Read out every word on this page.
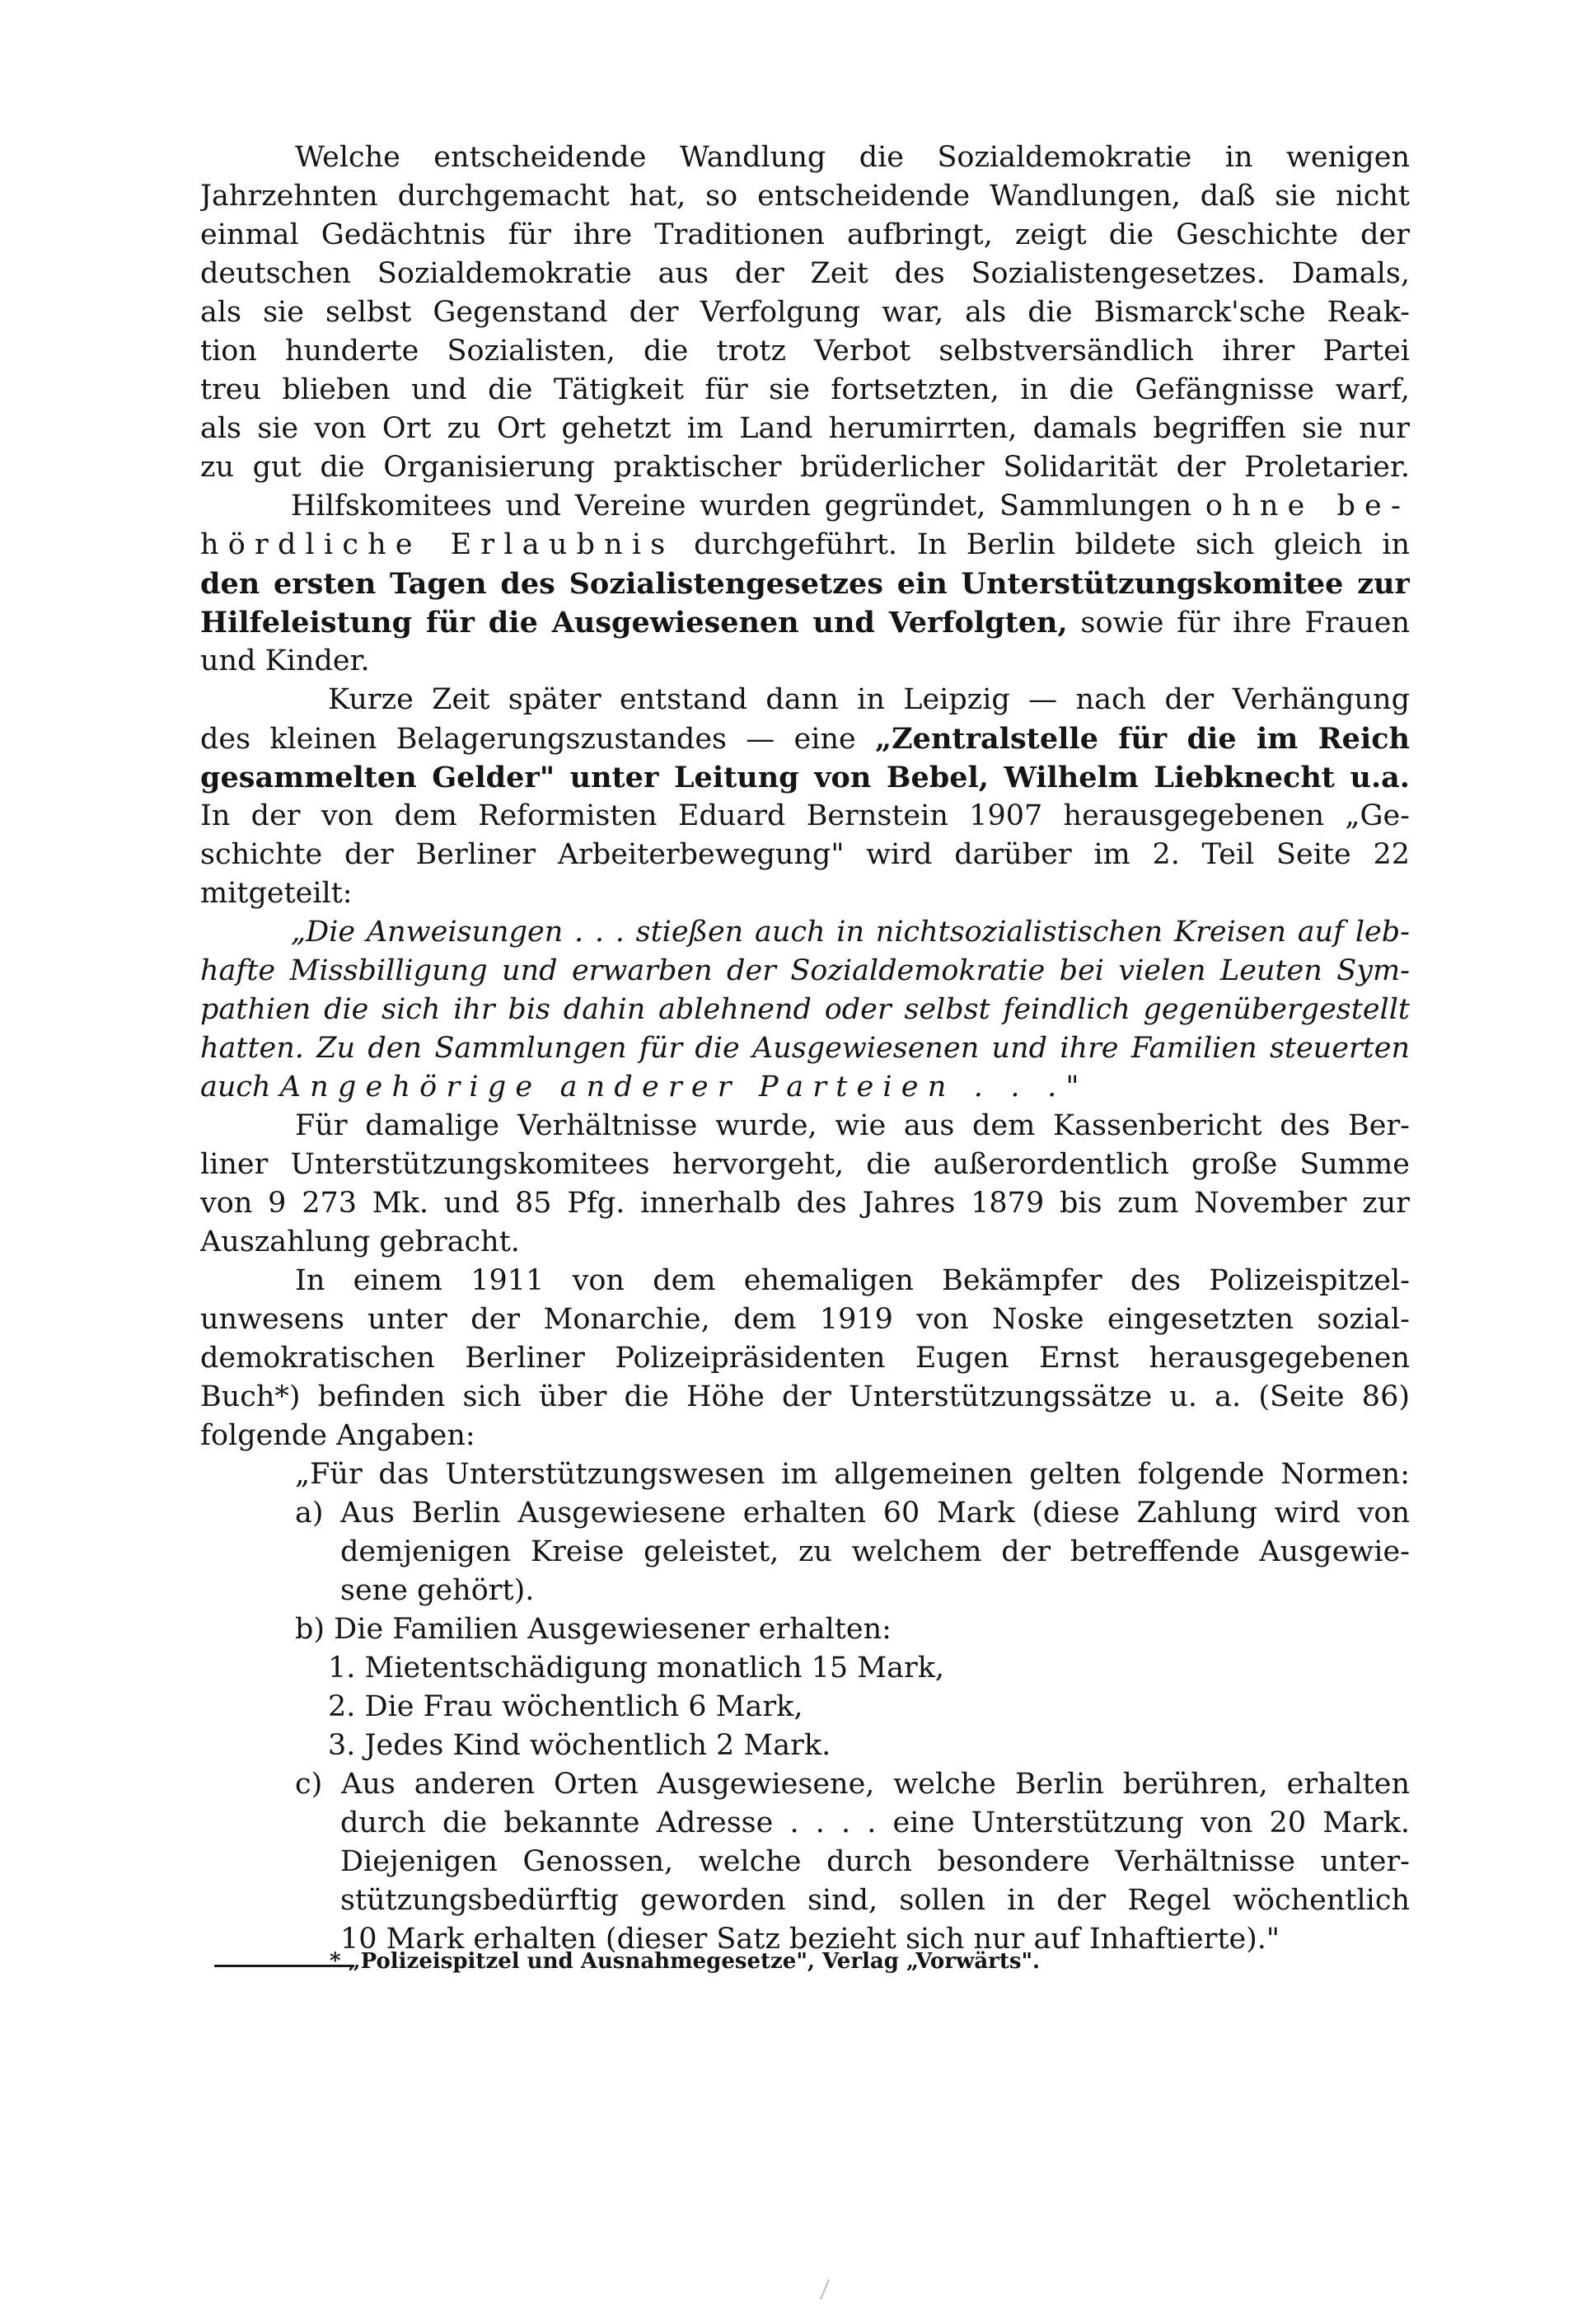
Welche entscheidende Wandlung die Sozialdemokratie in wenigen
Jahrzehnten durchgemacht hat, so entscheidende Wandlungen, daß sie nicht
einmal Gedächtnis für ihre Traditionen aufbringt, zeigt die Geschichte der
deutschen Sozialdemokratie aus der Zeit des Sozialistengesetzes. Damals,
als sie selbst Gegenstand der Verfolgung war, als die Bismarck'sche Reak-
tion hunderte Sozialisten, die trotz Verbot selbstversändlich ihrer Partei
treu blieben und die Tätigkeit für sie fortsetzten, in die Gefängnisse warf,
als sie von Ort zu Ort gehetzt im Land herumirrten, damals begriffen sie nur
zu gut die Organisierung praktischer brüderlicher Solidarität der Proletarier.
Hilfskomitees und Vereine wurden gegründet, Sammlungen ohne be-
hördliche Erlaubnis durchgeführt. In Berlin bildete sich gleich in
den ersten Tagen des Sozialistengesetzes ein Unterstützungskomitee zur
Hilfeleistung für die Ausgewiesenen und Verfolgten, sowie für ihre Frauen
und Kinder.
Kurze Zeit später entstand dann in Leipzig — nach der Verhängung
des kleinen Belagerungszustandes — eine „Zentralstelle für die im Reich
gesammelten Gelder" unter Leitung von Bebel, Wilhelm Liebknecht u.a.
In der von dem Reformisten Eduard Bernstein 1907 herausgegebenen „Ge-
schichte der Berliner Arbeiterbewegung" wird darüber im 2. Teil Seite 22
mitgeteilt:
„Die Anweisungen . . . stießen auch in nichtsozialistischen Kreisen auf leb-
hafte Missbilligung und erwarben der Sozialdemokratie bei vielen Leuten Sym-
pathien die sich ihr bis dahin ablehnend oder selbst feindlich gegenübergestellt
hatten. Zu den Sammlungen für die Ausgewiesenen und ihre Familien steuerten
auch Angehörige anderer Parteien . . ."
Für damalige Verhältnisse wurde, wie aus dem Kassenbericht des Ber-
liner Unterstützungskomitees hervorgeht, die außerordentlich große Summe
von 9 273 Mk. und 85 Pfg. innerhalb des Jahres 1879 bis zum November zur
Auszahlung gebracht.
In einem 1911 von dem ehemaligen Bekämpfer des Polizeispitzel-
unwesens unter der Monarchie, dem 1919 von Noske eingesetzten sozial-
demokratischen Berliner Polizeipräsidenten Eugen Ernst herausgegebenen
Buch*) befinden sich über die Höhe der Unterstützungssätze u. a. (Seite 86)
folgende Angaben:
„Für das Unterstützungswesen im allgemeinen gelten folgende Normen:
a) Aus Berlin Ausgewiesene erhalten 60 Mark (diese Zahlung wird von
demjenigen Kreise geleistet, zu welchem der betreffende Ausgewie-
sene gehört).
b) Die Familien Ausgewiesener erhalten:
1. Mietentschädigung monatlich 15 Mark,
2. Die Frau wöchentlich 6 Mark,
3. Jedes Kind wöchentlich 2 Mark.
c) Aus anderen Orten Ausgewiesene, welche Berlin berühren, erhalten
durch die bekannte Adresse . . . . eine Unterstützung von 20 Mark.
Diejenigen Genossen, welche durch besondere Verhältnisse unter-
stützungsbedürftig geworden sind, sollen in der Regel wöchentlich
10 Mark erhalten (dieser Satz bezieht sich nur auf Inhaftierte)."
* „Polizeispitzel und Ausnahmegesetze", Verlag „Vorwärts".
